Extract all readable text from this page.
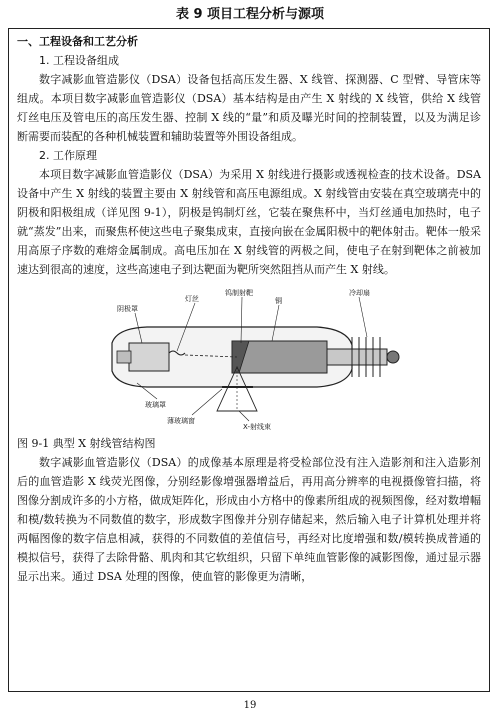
表 9 项目工程分析与源项

一、工程设备和工艺分析

1. 工程设备组成

数字减影血管造影仪（DSA）设备包括高压发生器、X 线管、探测器、C 型臂、导管床等组成。本项目数字减影血管造影仪（DSA）基本结构是由产生 X 射线的 X 线管，供给 X 线管灯丝电压及管电压的高压发生器、控制 X 线的“量”和质及曝光时间的控制装置，以及为满足诊断需要而装配的各种机械装置和辅助装置等外围设备组成。

2. 工作原理

本项目数字减影血管造影仪（DSA）为采用 X 射线进行摄影或透视检查的技术设备。DSA 设备中产生 X 射线的装置主要由 X 射线管和高压电源组成。X 射线管由安装在真空玻璃壳中的阴极和阳极组成（详见图 9-1），阴极是钨制灯丝，它装在聚焦杯中，当灯丝通电加热时，电子就“蒸发”出来，而聚焦杯使这些电子聚集成束，直接向嵌在金属阳极中的靶体射击。靶体一般采用高原子序数的难熔金属制成。高电压加在 X 射线管的两极之间，使电子在射到靶体之前被加速达到很高的速度，这些高速电子到达靶面为靶所突然阻挡从而产生 X 射线。

阴极罩
灯丝
钨制射靶
铜
冷却扇
玻璃罩
薄玻璃窗
X-射线束

图 9-1 典型 X 射线管结构图

数字减影血管造影仪（DSA）的成像基本原理是将受检部位没有注入造影剂和注入造影剂后的血管造影 X 线荧光图像，分别经影像增强器增益后，再用高分辨率的电视摄像管扫描，将图像分割成许多的小方格，做成矩阵化，形成由小方格中的像素所组成的视频图像，经对数增幅和模/数转换为不同数值的数字，形成数字图像并分别存储起来，然后输入电子计算机处理并将两幅图像的数字信息相减，获得的不同数值的差值信号，再经对比度增强和数/模转换成普通的模拟信号，获得了去除骨骼、肌肉和其它软组织，只留下单纯血管影像的减影图像，通过显示器显示出来。通过 DSA 处理的图像，使血管的影像更为清晰，

19
